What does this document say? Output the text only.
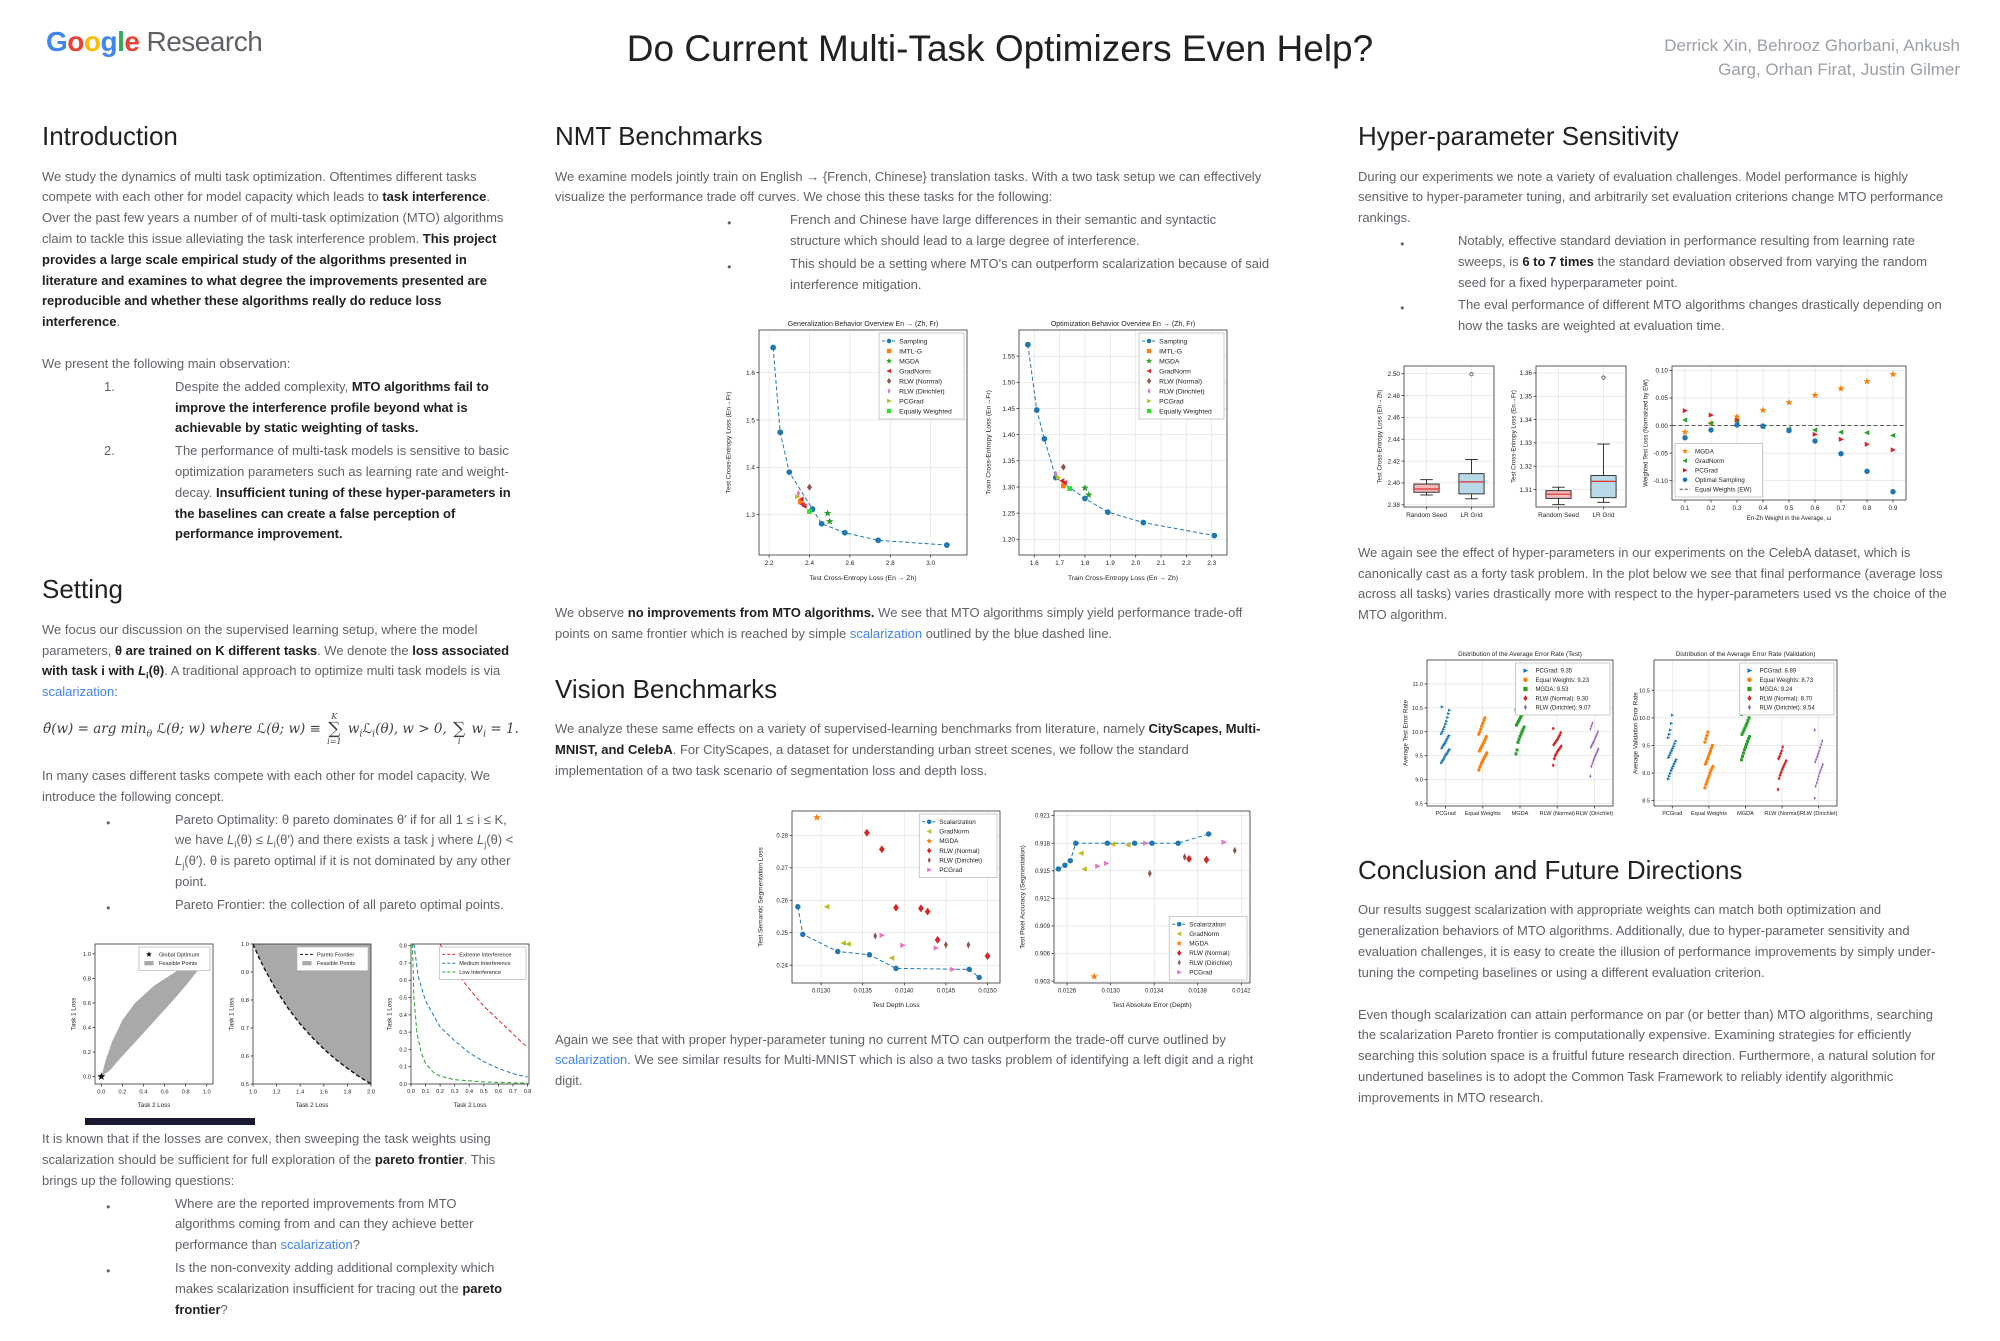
Google Research	Do Current Multi-Task Optimizers Even Help?	Derrick Xin, Behrooz Ghorbani, Ankush
Garg, Orhan Firat, Justin Gilmer
Introduction

We study the dynamics of multi task optimization. Oftentimes different tasks compete with each other for model capacity which leads to task interference. Over the past few years a number of of multi-task optimization (MTO) algorithms claim to tackle this issue alleviating the task interference problem. This project provides a large scale empirical study of the algorithms presented in literature and examines to what degree the improvements presented are reproducible and whether these algorithms really do reduce loss interference.

We present the following main observation:

Despite the added complexity, MTO algorithms fail to improve the interference profile beyond what is achievable by static weighting of tasks.
The performance of multi-task models is sensitive to basic optimization parameters such as learning rate and weight-decay. Insufficient tuning of these hyper-parameters in the baselines can create a false perception of performance improvement.
Setting

We focus our discussion on the supervised learning setup, where the model parameters, θ are trained on K different tasks. We denote the loss associated with task i with $L_i(\theta)$. A traditional approach to optimize multi task models is via scalarization:

θ̂(w) = arg $\min_\theta$ ℒ(θ; w) where ℒ(θ; w) ≡
K
∑
i=1
$w_iℒ_i(\theta)$, w > 0,
∑
i
$w_i = 1$.

In many cases different tasks compete with each other for model capacity. We introduce the following concept.

● Pareto Optimality: θ pareto dominates θ′ if for all 1 ≤ i ≤ K, we have $L_i(\theta) \le L_i(\theta')$ and there exists a task j where $L_j(\theta) < L_j(\theta')$. θ is pareto optimal if it is not dominated by any other point.
● Pareto Frontier: the collection of all pareto optimal points.
0.0 0.2 0.4 0.6 0.8 1.0
0.0
0.2
0.4
0.6
0.8
1.0
Task 2 Loss
Task 1 Loss
Global Optimum
Feasible Points
1.0	1.2	1.4	1.6	1.8	2.0
0.5
0.6
0.7
0.8
0.9
1.0
Task 2 Loss
Task 1 Loss
Pareto Frontier
Feasible Points
0.0 0.1 0.2 0.3 0.4 0.5 0.6 0.7 0.8
0.0
0.1
0.2
0.3
0.4
0.5
0.6
0.7
0.8
Task 2 Loss
Task 1 Loss
Extreme Interference
Medium Interference
Low Interference

It is known that if the losses are convex, then sweeping the task weights using scalarization should be sufficient for full exploration of the pareto frontier. This brings up the following questions:

● Where are the reported improvements from MTO algorithms coming from and can they achieve better performance than scalarization?
● Is the non-convexity adding additional complexity which makes scalarization insufficient for tracing out the pareto frontier?
NMT Benchmarks

We examine models jointly train on English → {French, Chinese} translation tasks. With a two task setup we can effectively visualize the performance trade off curves. We chose this these tasks for the following:

● French and Chinese have large differences in their semantic and syntactic structure which should lead to a large degree of interference.
● This should be a setting where MTO's can outperform scalarization because of said interference mitigation.
2.2	2.4	2.6	2.8	3.0
1.3
1.4
1.5
1.6
Test Cross-Entropy Loss (En → Zh)
Test Cross-Entropy Loss (En→Fr)
Generalization Behavior Overview En → (Zh, Fr)
Sampling
IMTL-G
MGDA
GradNorm
RLW (Normal)
RLW (Dirichlet)
PCGrad
Equally Weighted
1.6	1.7	1.8	1.9	2.0	2.1	2.2	2.3
1.20
1.25
1.30
1.35
1.40
1.45
1.50
1.55
Train Cross-Entropy Loss (En → Zh)
Train Cross-Entropy Loss (En→Fr)
Optimization Behavior Overview En → (Zh, Fr)
Sampling
IMTL-G
MGDA
GradNorm
RLW (Normal)
RLW (Dirichlet)
PCGrad
Equally Weighted

We observe no improvements from MTO algorithms. We see that MTO algorithms simply yield performance trade-off points on same frontier which is reached by simple scalarization outlined by the blue dashed line.

Vision Benchmarks

We analyze these same effects on a variety of supervised-learning benchmarks from literature, namely CityScapes, Multi-MNIST, and CelebA. For CityScapes, a dataset for understanding urban street scenes, we follow the standard implementation of a two task scenario of segmentation loss and depth loss.

0.0130	0.0135	0.0140	0.0145	0.0150
0.24
0.25
0.26
0.27
0.28
Test Depth Loss
Test Semantic Segmentation Loss
Scalarization
GradNorm
MGDA
RLW (Normal)
RLW (Dirichlet)
PCGrad
0.0126	0.0130	0.0134	0.0138	0.0142
0.903
0.906
0.909
0.912
0.915
0.918
0.921
Test Absolute Error (Depth)
Test Pixel Accuracy (Segmentation)	Scalarization
GradNorm
MGDA
RLW (Normal)
RLW (Dirichlet)
PCGrad

Again we see that with proper hyper-parameter tuning no current MTO can outperform the trade-off curve outlined by scalarization. We see similar results for Multi-MNIST which is also a two tasks problem of identifying a left digit and a right digit.

Hyper-parameter Sensitivity

During our experiments we note a variety of evaluation challenges. Model performance is highly sensitive to hyper-parameter tuning, and arbitrarily set evaluation criterions change MTO performance rankings.

● Notably, effective standard deviation in performance resulting from learning rate sweeps, is 6 to 7 times the standard deviation observed from varying the random seed for a fixed hyperparameter point.
● The eval performance of different MTO algorithms changes drastically depending on how the tasks are weighted at evaluation time.
Random Seed LR Grid
2.38
2.40
2.42
2.44
2.46
2.48
2.50
Test Cross-Entropy Loss (En→Zh)
Random Seed LR Grid
1.31
1.32
1.33
1.34
1.35
1.36
Test Cross-Entropy Loss (En→Fr)
0.1	0.2	0.3	0.4	0.5	0.6	0.7	0.8	0.9
-0.10
-0.05
0.00
0.05
0.10
En-Zh Weight in the Average, ω
Weighted Test Loss (Normalized by EW)	MGDA
GradNorm
PCGrad
Optimal Sampling
Equal Weights (EW)

We again see the effect of hyper-parameters in our experiments on the CelebA dataset, which is canonically cast as a forty task problem. In the plot below we see that final performance (average loss across all tasks) varies drastically more with respect to the hyper-parameters used vs the choice of the MTO algorithm.

PCGrad Equal Weights MGDA RLW (Normal) RLW (Dirichlet)
8.5
9.0
9.5
10.0
10.5
11.0
Average Test Error Rate
Distribution of the Average Error Rate (Test)
PCGrad: 9.35
Equal Weights: 9.23
MGDA: 9.53
RLW (Normal): 9.30
RLW (Dirichlet): 9.07
PCGrad Equal Weights MGDA RLW (Normal) RLW (Dirichlet)
8.5
9.0
9.5
10.0
10.5
Average Validation Error Rate
Distribution of the Average Error Rate (Validation)
PCGrad: 8.89
Equal Weights: 8.73
MGDA: 9.24
RLW (Normal): 8.70
RLW (Dirichlet): 8.54
Conclusion and Future Directions

Our results suggest scalarization with appropriate weights can match both optimization and generalization behaviors of MTO algorithms. Additionally, due to hyper-parameter sensitivity and evaluation challenges, it is easy to create the illusion of performance improvements by simply under-tuning the competing baselines or using a different evaluation criterion.

Even though scalarization can attain performance on par (or better than) MTO algorithms, searching the scalarization Pareto frontier is computationally expensive. Examining strategies for efficiently searching this solution space is a fruitful future research direction. Furthermore, a natural solution for undertuned baselines is to adopt the Common Task Framework to reliably identify algorithmic improvements in MTO research.
